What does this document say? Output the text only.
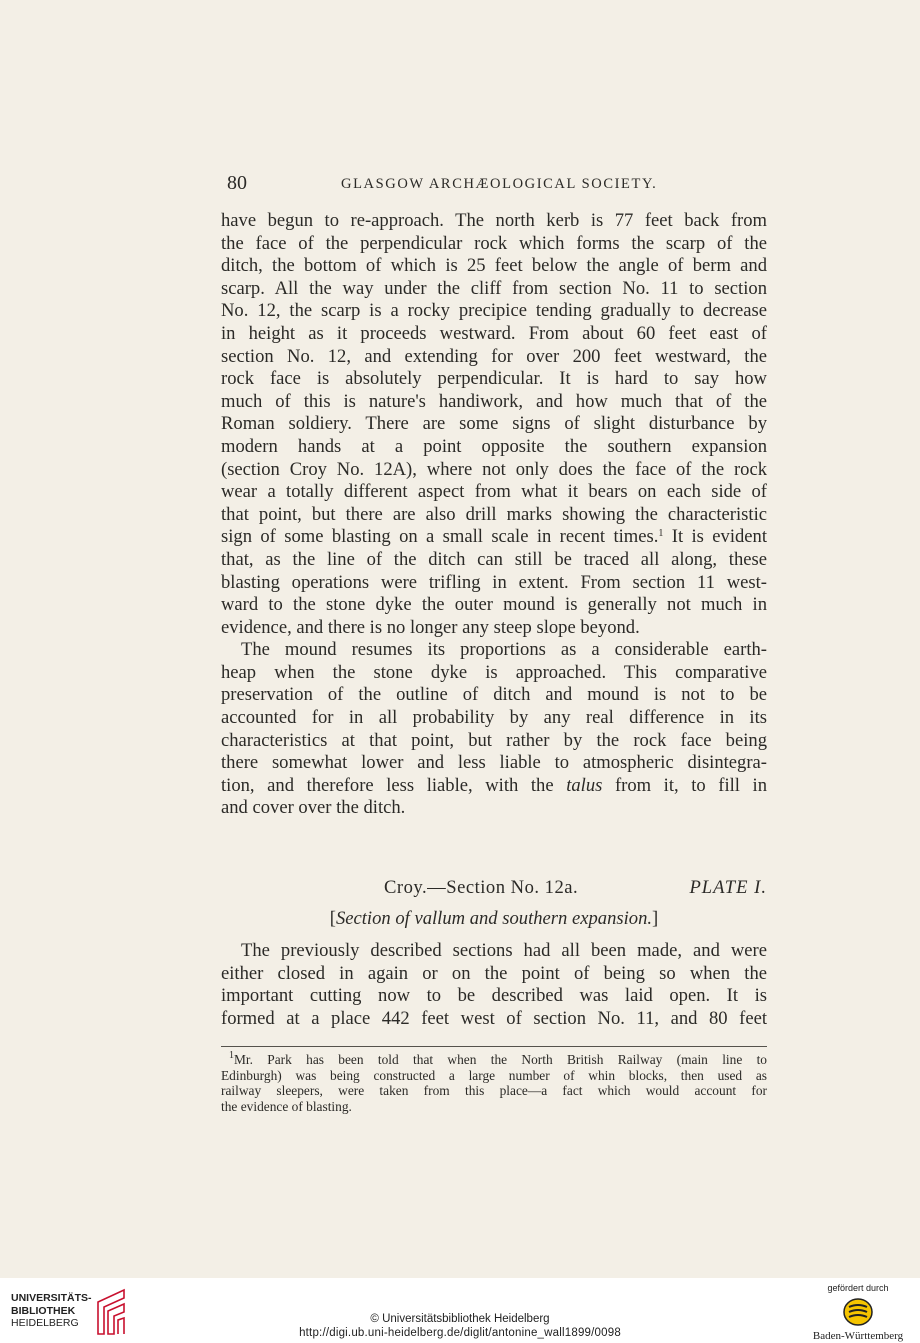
80	GLASGOW ARCHÆOLOGICAL SOCIETY.

have begun to re-approach. The north kerb is 77 feet back from

the face of the perpendicular rock which forms the scarp of the

ditch, the bottom of which is 25 feet below the angle of berm and

scarp. All the way under the cliff from section No. 11 to section

No. 12, the scarp is a rocky precipice tending gradually to decrease

in height as it proceeds westward. From about 60 feet east of

section No. 12, and extending for over 200 feet westward, the

rock face is absolutely perpendicular. It is hard to say how

much of this is nature's handiwork, and how much that of the

Roman soldiery. There are some signs of slight disturbance by

modern hands at a point opposite the southern expansion

(section Croy No. 12A), where not only does the face of the rock

wear a totally different aspect from what it bears on each side of

that point, but there are also drill marks showing the characteristic

sign of some blasting on a small scale in recent times.$^1$ It is evident

that, as the line of the ditch can still be traced all along, these

blasting operations were trifling in extent. From section 11 west-

ward to the stone dyke the outer mound is generally not much in

evidence, and there is no longer any steep slope beyond.

The mound resumes its proportions as a considerable earth-

heap when the stone dyke is approached. This comparative

preservation of the outline of ditch and mound is not to be

accounted for in all probability by any real difference in its

characteristics at that point, but rather by the rock face being

there somewhat lower and less liable to atmospheric disintegra-

tion, and therefore less liable, with the talus from it, to fill in

and cover over the ditch.

Croy.—Section No. 12a.	PLATE I.
[Section of vallum and southern expansion.]

The previously described sections had all been made, and were

either closed in again or on the point of being so when the

important cutting now to be described was laid open. It is

formed at a place 442 feet west of section No. 11, and 80 feet

$^1$Mr. Park has been told that when the North British Railway (main line to

Edinburgh) was being constructed a large number of whin blocks, then used as

railway sleepers, were taken from this place—a fact which would account for

the evidence of blasting.

UNIVERSITÄTS-
BIBLIOTHEK
HEIDELBERG	© Universitätsbibliothek Heidelberg
http://digi.ub.uni-heidelberg.de/diglit/antonine_wall1899/0098
gefördert durch
Baden-Württemberg
